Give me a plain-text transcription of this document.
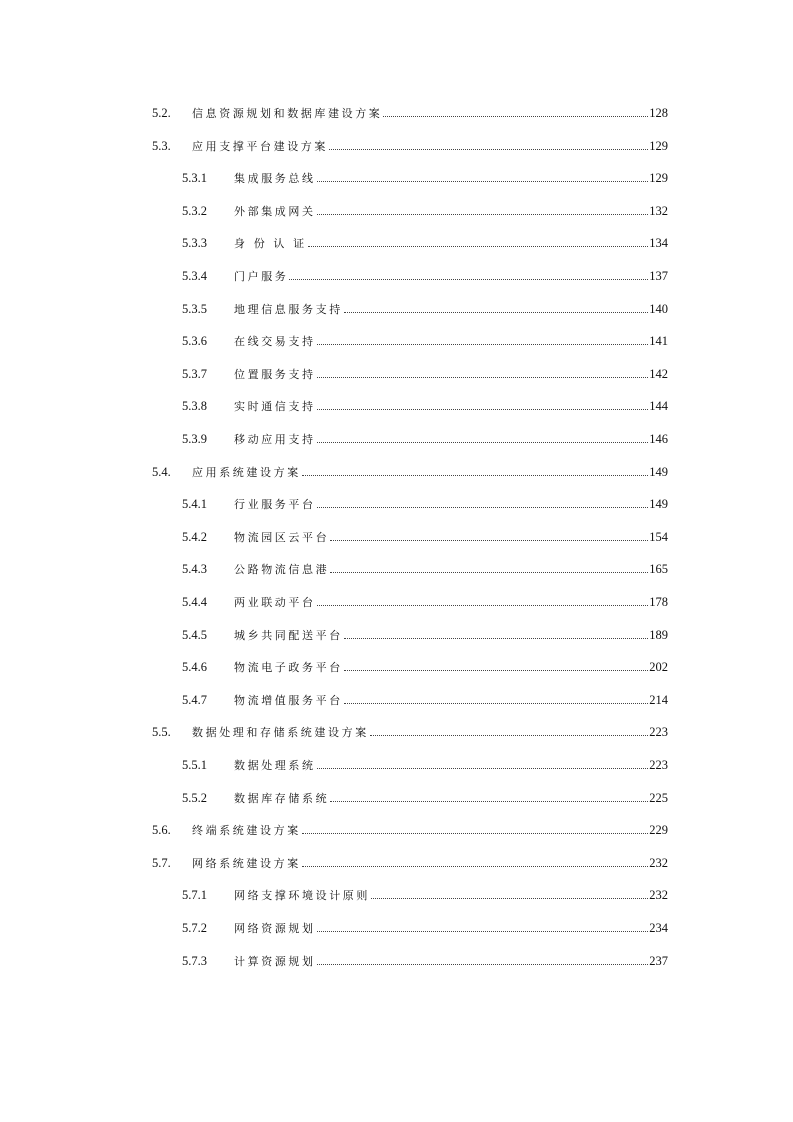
5.2.	信息资源规划和数据库建设方案	128
5.3.	应用支撑平台建设方案	129
5.3.1	集成服务总线	129
5.3.2	外部集成网关	132
5.3.3	身 份 认 证	134
5.3.4	门户服务	137
5.3.5	地理信息服务支持	140
5.3.6	在线交易支持	141
5.3.7	位置服务支持	142
5.3.8	实时通信支持	144
5.3.9	移动应用支持	146
5.4.	应用系统建设方案	149
5.4.1	行业服务平台	149
5.4.2	物流园区云平台	154
5.4.3	公路物流信息港	165
5.4.4	两业联动平台	178
5.4.5	城乡共同配送平台	189
5.4.6	物流电子政务平台	202
5.4.7	物流增值服务平台	214
5.5.	数据处理和存储系统建设方案	223
5.5.1	数据处理系统	223
5.5.2	数据库存储系统	225
5.6.	终端系统建设方案	229
5.7.	网络系统建设方案	232
5.7.1	网络支撑环境设计原则	232
5.7.2	网络资源规划	234
5.7.3	计算资源规划	237
